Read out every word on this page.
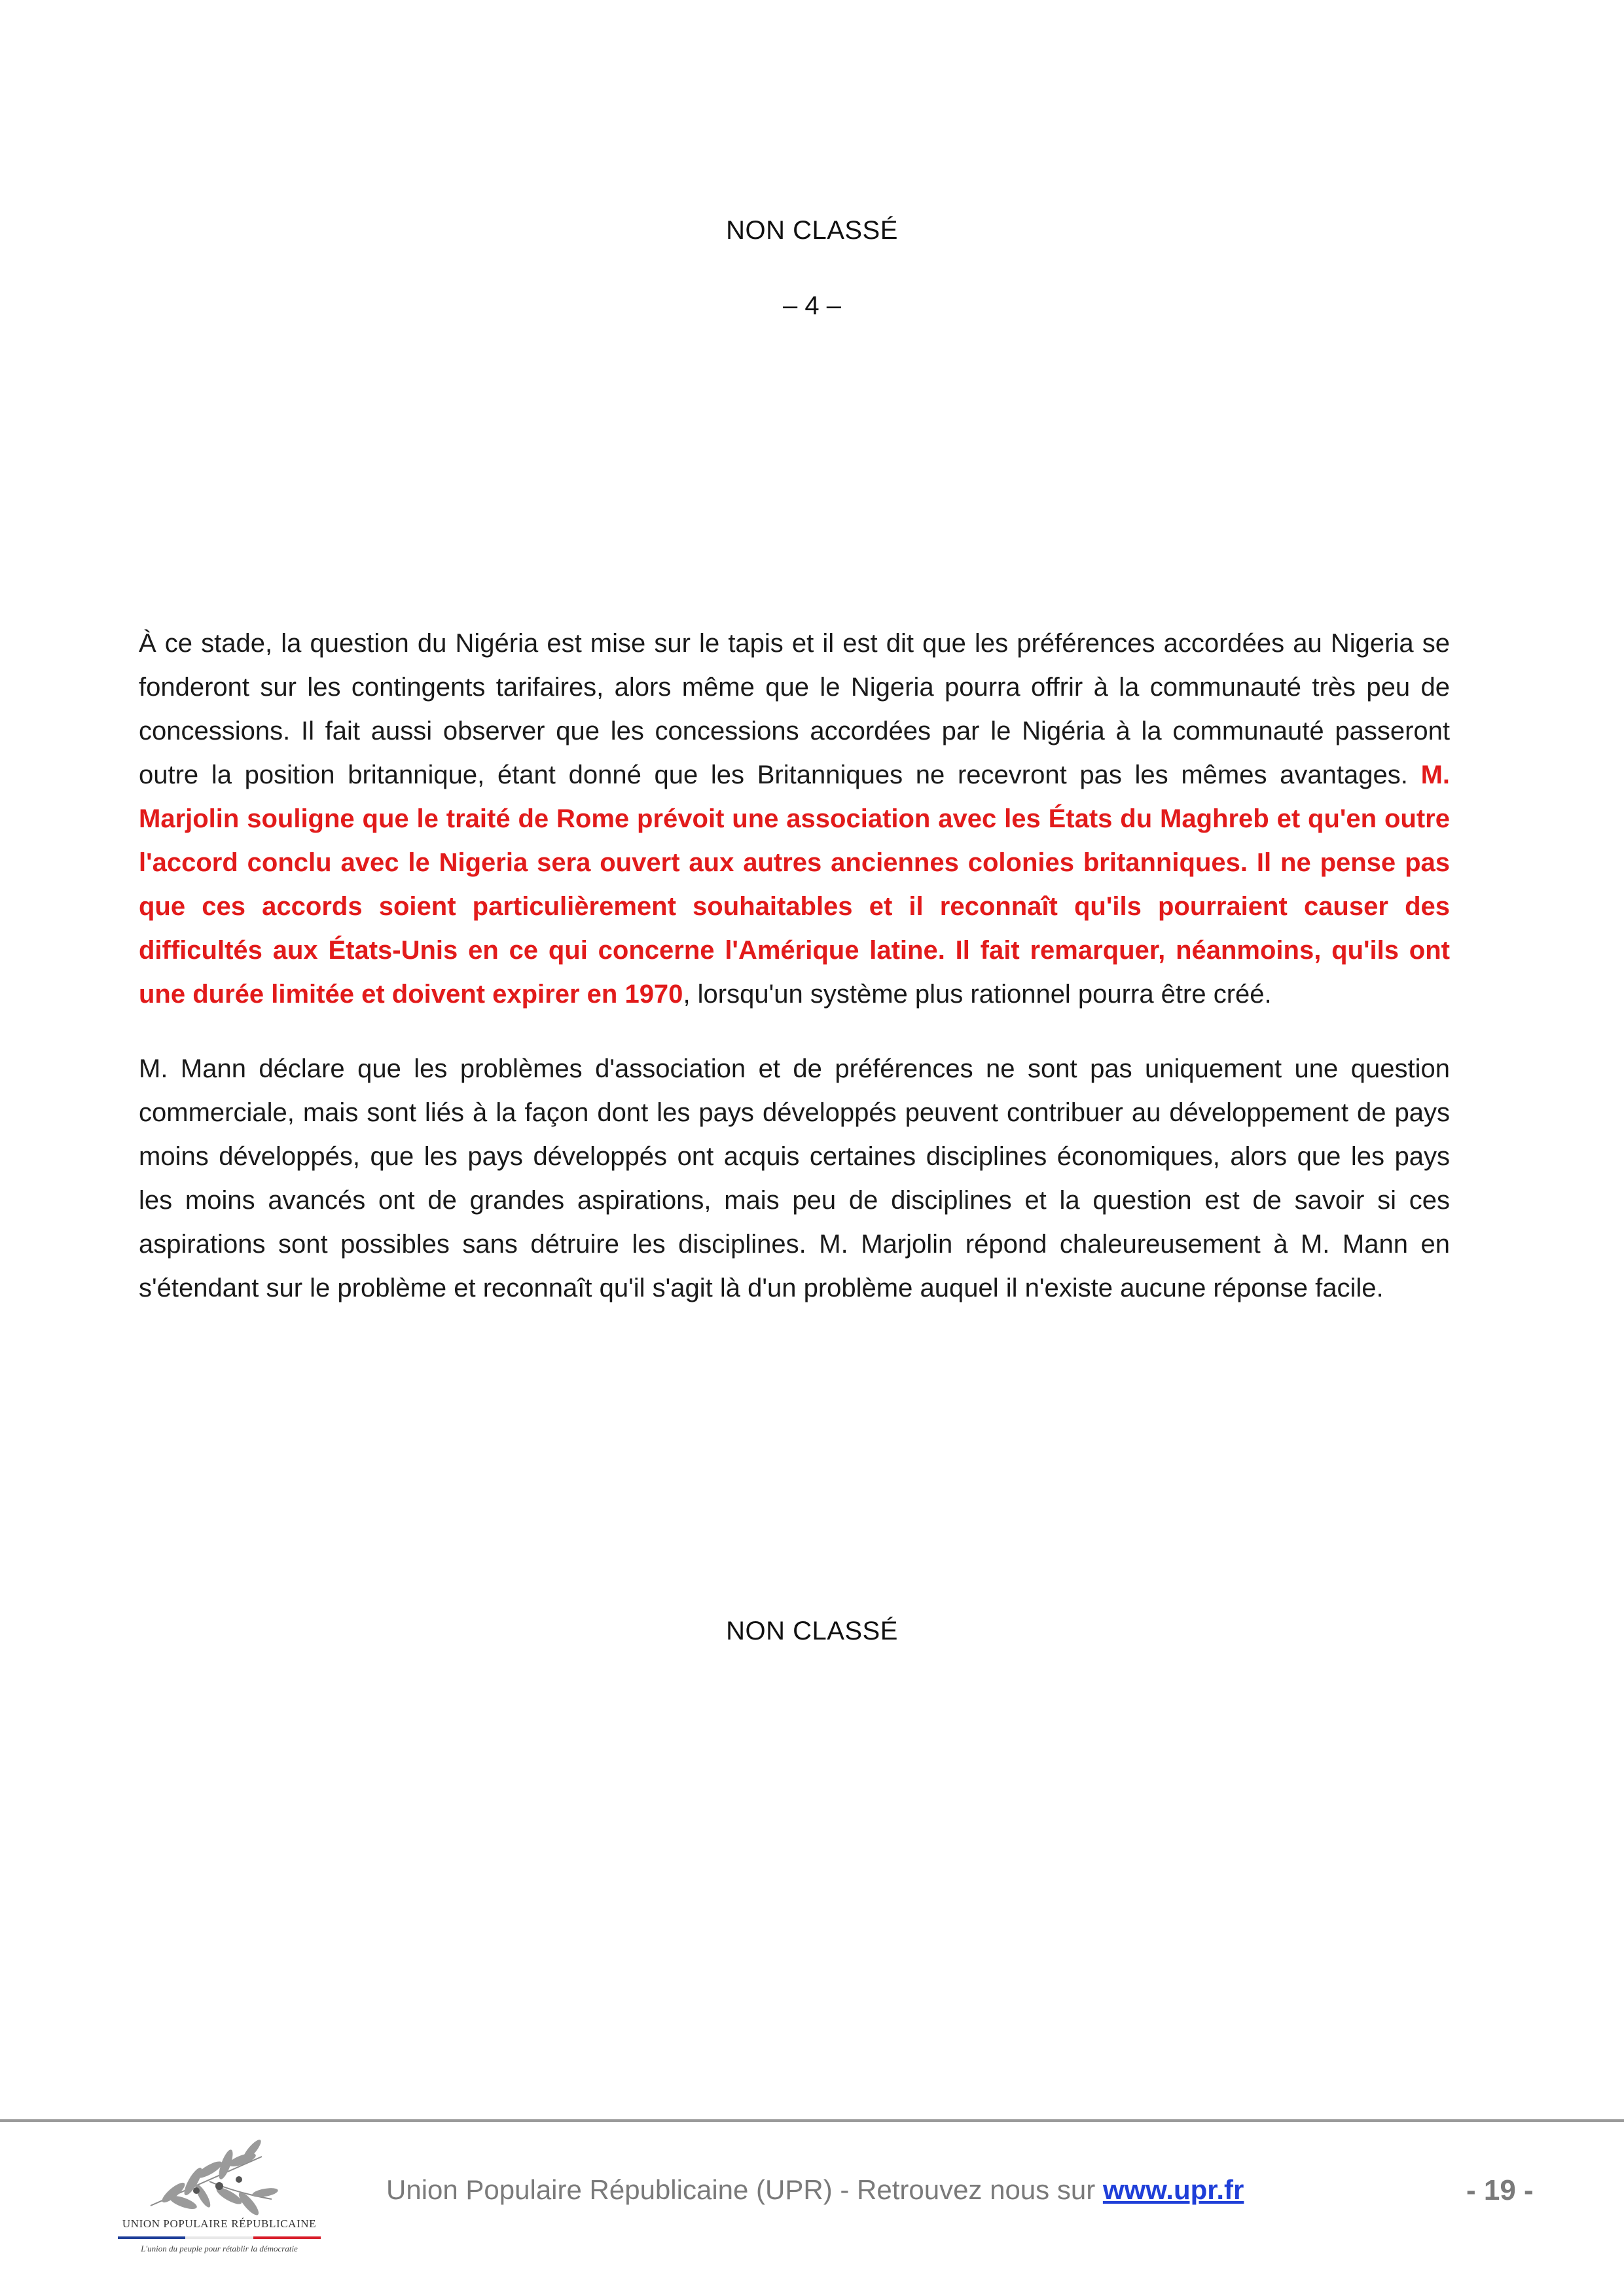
NON CLASSÉ
– 4 –

À ce stade, la question du Nigéria est mise sur le tapis et il est dit que les préférences accordées au Nigeria se fonderont sur les contingents tarifaires, alors même que le Nigeria pourra offrir à la communauté très peu de concessions. Il fait aussi observer que les concessions accordées par le Nigéria à la communauté passeront outre la position britannique, étant donné que les Britanniques ne recevront pas les mêmes avantages. M. Marjolin souligne que le traité de Rome prévoit une association avec les États du Maghreb et qu'en outre l'accord conclu avec le Nigeria sera ouvert aux autres anciennes colonies britanniques. Il ne pense pas que ces accords soient particulièrement souhaitables et il reconnaît qu'ils pourraient causer des difficultés aux États-Unis en ce qui concerne l'Amérique latine. Il fait remarquer, néanmoins, qu'ils ont une durée limitée et doivent expirer en 1970, lorsqu'un système plus rationnel pourra être créé.

M. Mann déclare que les problèmes d'association et de préférences ne sont pas uniquement une question commerciale, mais sont liés à la façon dont les pays développés peuvent contribuer au développement de pays moins développés, que les pays développés ont acquis certaines disciplines économiques, alors que les pays les moins avancés ont de grandes aspirations, mais peu de disciplines et la question est de savoir si ces aspirations sont possibles sans détruire les disciplines. M. Marjolin répond chaleureusement à M. Mann en s'étendant sur le problème et reconnaît qu'il s'agit là d'un problème auquel il n'existe aucune réponse facile.

NON CLASSÉ
UNION POPULAIRE RÉPUBLICAINE
L'union du peuple pour rétablir la démocratie
Union Populaire Républicaine (UPR) - Retrouvez nous sur www.upr.fr	- 19 -
